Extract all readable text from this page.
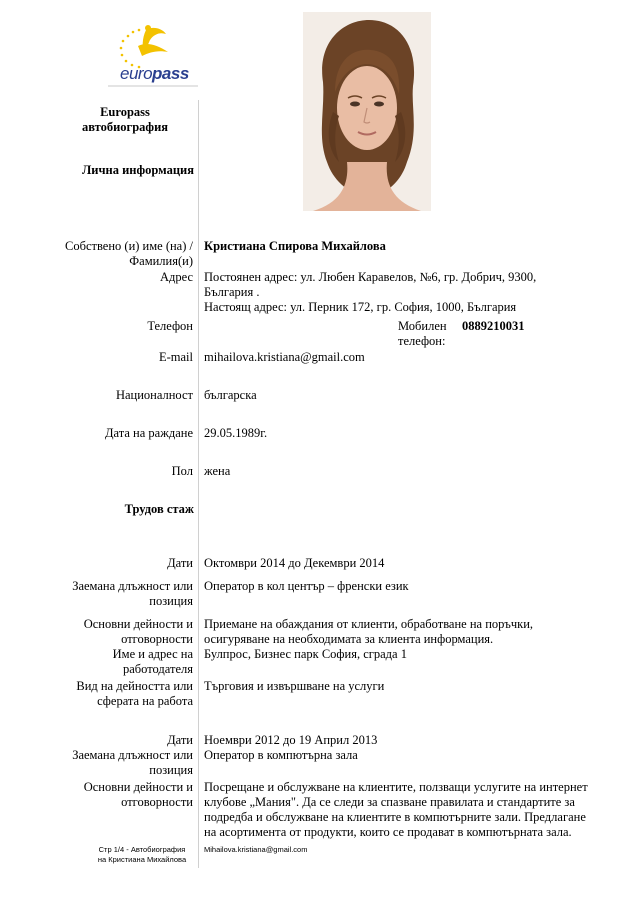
europass
Europass
автобиография
Лична информация
Собствено (и) име (на) / Фамилия(и)
Кристиана Спирова Михайлова
Адрес Постоянен адрес: ул. Любен Каравелов, №6, гр. Добрич, 9300,
България .
Настоящ адрес: ул. Перник 172, гр. София, 1000, България
Телефон	Мобилен
телефон:
0889210031
E-mail mihailova.kristiana@gmail.com
Националност българска
Дата на раждане 29.05.1989г.
Пол жена
Трудов стаж
Дати Октомври 2014 до Декември 2014
Заемана длъжност или
позиция
Оператор в кол център – френски език
Основни дейности и
отговорности
Приемане на обаждания от клиенти, обработване на поръчки,
осигуряване на необходимата за клиента информация.
Име и адрес на
работодателя
Булпрос, Бизнес парк София, сграда 1
Вид на дейността или
сферата на работа
Търговия и извършване на услуги
Дати Ноември 2012 до 19 Април 2013
Заемана длъжност или
позиция
Оператор в компютърна зала
Основни дейности и
отговорности
Посрещане и обслужване на клиентите, ползващи услугите на интернет
клубове „Мания". Да се следи за спазване правилата и стандартите за
подредба и обслужване на клиентите в компютърните зали. Предлагане
на асортимента от продукти, които се продават в компютърната зала.
Стр 1/4 - Автобиография
на Кристиана Михайлова
Mihailova.kristiana@gmail.com
